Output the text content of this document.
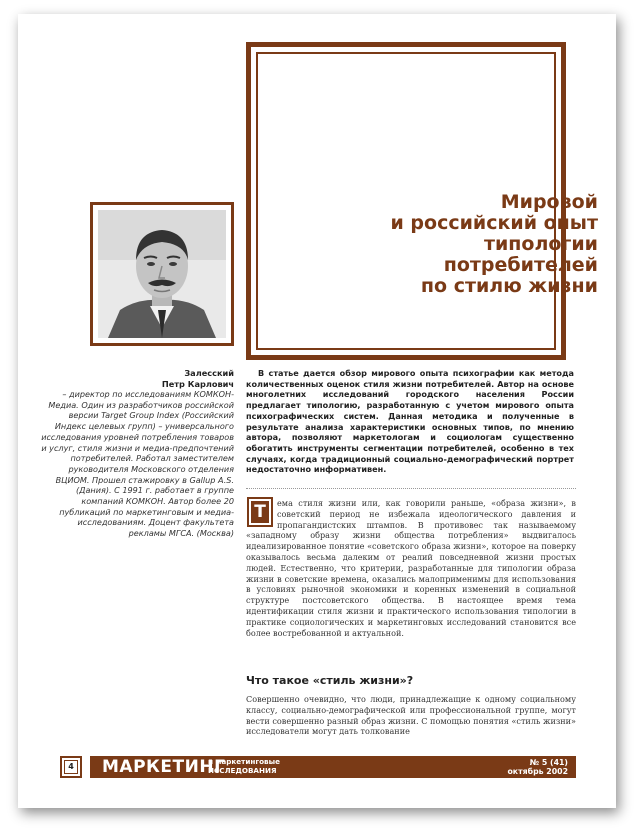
Мировой
и российский опыт
типологии
потребителей
по стилю жизни
Залесский
Петр Карлович
– директор по исследованиям КОМКОН-Медиа. Один из разработчиков российской версии Target Group Index (Российский Индекс целевых групп) – универсального исследования уровней потребления товаров и услуг, стиля жизни и медиа-предпочтений потребителей. Работал заместителем руководителя Московского отделения ВЦИОМ. Прошел стажировку в Gallup A.S. (Дания). С 1991 г. работает в группе компаний КОМКОН. Автор более 20 публикаций по маркетинговым и медиа-исследованиям. Доцент факультета рекламы МГСА. (Москва)
В статье дается обзор мирового опыта психографии как метода количественных оценок стиля жизни потребителей. Автор на основе многолетних исследований городского населения России предлагает типологию, разработанную с учетом мирового опыта психографических систем. Данная методика и полученные в результате анализа характеристики основных типов, по мнению автора, позволяют маркетологам и социологам существенно обогатить инструменты сегментации потребителей, особенно в тех случаях, когда традиционный социально-демографический портрет недостаточно информативен.
ема стиля жизни или, как говорили раньше, «образа жизни», в советский период не избежала идеологического давления и пропагандистских штампов. В противовес так называемому «западному образу жизни общества потребления» выдвигалось идеализированное понятие «советского образа жизни», которое на поверку оказывалось весьма далеким от реалий повседневной жизни простых людей. Естественно, что критерии, разработанные для типологии образа жизни в советские времена, оказались малоприменимы для использования в условиях рыночной экономики и коренных изменений в социальной структуре постсоветского общества. В настоящее время тема идентификации стиля жизни и практического использования типологии в практике социологических и маркетинговых исследований становится все более востребованной и актуальной.
Т
Что такое «стиль жизни»?
Совершенно очевидно, что люди, принадлежащие к одному социальному классу, социально-демографической или профессиональной группе, могут вести совершенно разный образ жизни. С помощью понятия «стиль жизни» исследователи могут дать толкование
4 МАРКЕТИНГ
и маркетинговые
ИССЛЕДОВАНИЯ
№ 5 (41)
октябрь 2002
